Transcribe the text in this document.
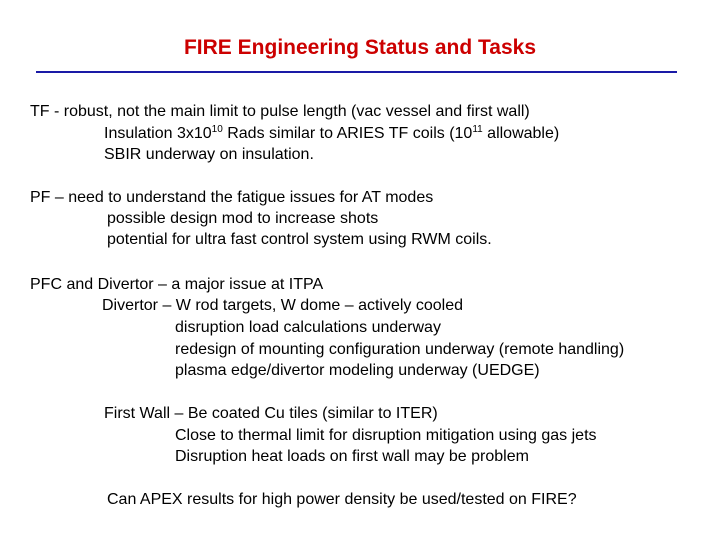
FIRE Engineering Status and Tasks

TF - robust, not the main limit to pulse length (vac vessel and first wall)

Insulation $3x10^{10}$ Rads similar to ARIES TF coils ($10^{11}$ allowable)

SBIR underway on insulation.

PF – need to understand the fatigue issues for AT modes

possible design mod to increase shots

potential for ultra fast control system using RWM coils.

PFC and Divertor – a major issue at ITPA

Divertor – W rod targets, W dome – actively cooled

disruption load calculations underway

redesign of mounting configuration underway (remote handling)

plasma edge/divertor modeling underway (UEDGE)

First Wall – Be coated Cu tiles (similar to ITER)

Close to thermal limit for disruption mitigation using gas jets

Disruption heat loads on first wall may be problem

Can APEX results for high power density be used/tested on FIRE?
